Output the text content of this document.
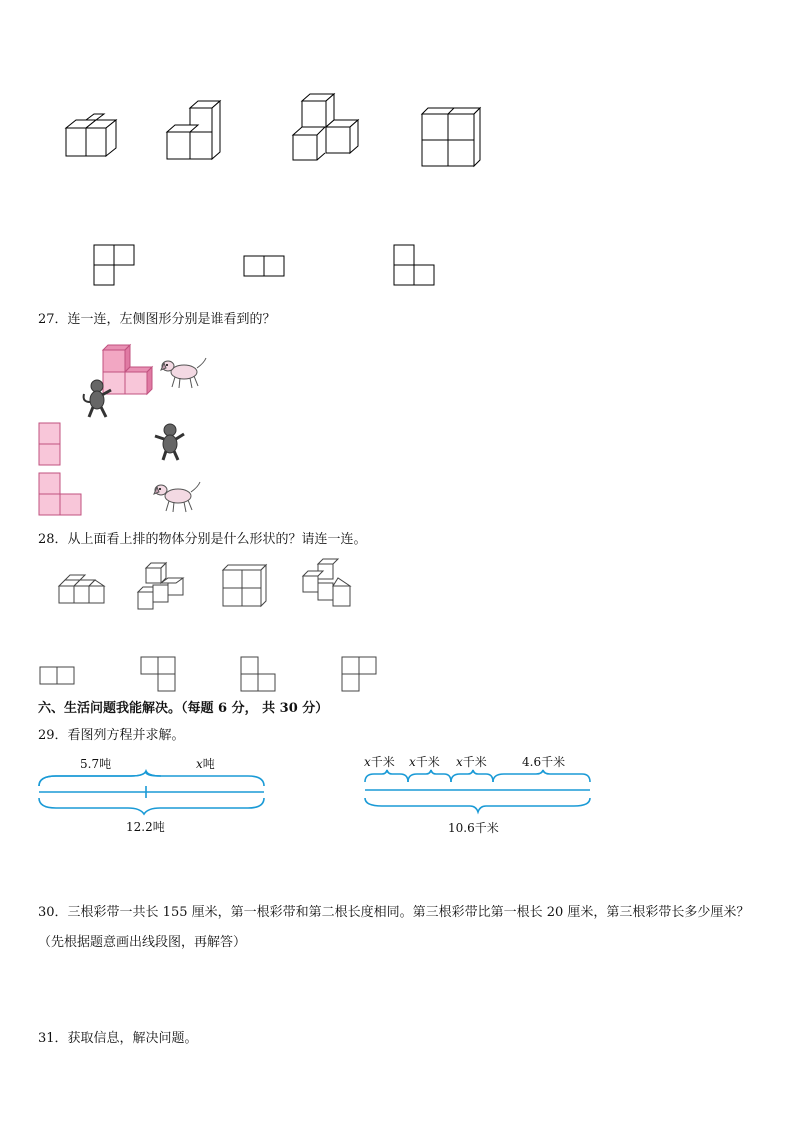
27．连一连，左侧图形分别是谁看到的？
28．从上面看上排的物体分别是什么形状的？请连一连。
六、生活问题我能解决。（每题 6 分， 共 30 分）
29．看图列方程并求解。
5.7吨	x吨
12.2吨
x千米 x千米 x千米	4.6千米
10.6千米
30．三根彩带一共长 155 厘米，第一根彩带和第二根长度相同。第三根彩带比第一根长 20 厘米，第三根彩带长多少厘米？（先根据题意画出线段图，再解答）
31．获取信息，解决问题。
